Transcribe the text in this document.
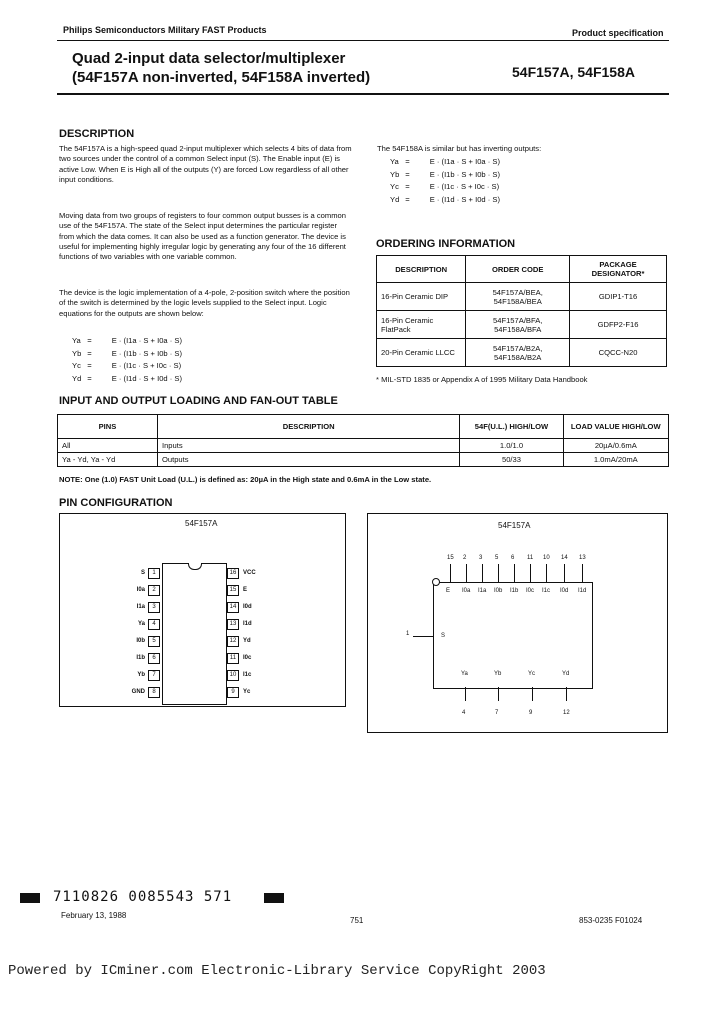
Philips Semiconductors Military FAST Products	Product specification
Quad 2-input data selector/multiplexer
(54F157A non-inverted, 54F158A inverted)	54F157A, 54F158A
DESCRIPTION
The 54F157A is a high-speed quad 2-input multiplexer which selects 4 bits of data from two sources under the control of a common Select input (S). The Enable input (E) is active Low. When E is High all of the outputs (Y) are forced Low regardless of all other input conditions.
Moving data from two groups of registers to four common output busses is a common use of the 54F157A. The state of the Select input determines the particular register from which the data comes. It can also be used as a function generator. The device is useful for implementing highly irregular logic by generating any four of the 16 different functions of two variables with one variable common.
The device is the logic implementation of a 4-pole, 2-position switch where the position of the switch is determined by the logic levels supplied to the Select input. Logic equations for the outputs are shown below:
Ya	=	E · (I1a · S + I0a · S)
Yb	=	E · (I1b · S + I0b · S)
Yc	=	E · (I1c · S + I0c · S)
Yd	=	E · (I1d · S + I0d · S)
The 54F158A is similar but has inverting outputs:
Ya	=	E · (I1a · S + I0a · S)
Yb	=	E · (I1b · S + I0b · S)
Yc	=	E · (I1c · S + I0c · S)
Yd	=	E · (I1d · S + I0d · S)
ORDERING INFORMATION
DESCRIPTION	ORDER CODE	PACKAGE DESIGNATOR*
16-Pin Ceramic DIP	54F157A/BEA, 54F158A/BEA	GDIP1-T16
16-Pin Ceramic FlatPack	54F157A/BFA, 54F158A/BFA	GDFP2-F16
20-Pin Ceramic LLCC	54F157A/B2A, 54F158A/B2A	CQCC-N20
* MIL-STD 1835 or Appendix A of 1995 Military Data Handbook
INPUT AND OUTPUT LOADING AND FAN-OUT TABLE
PINS	DESCRIPTION	54F(U.L.) HIGH/LOW	LOAD VALUE HIGH/LOW
All	Inputs	1.0/1.0	20µA/0.6mA
Ya - Yd, Ya - Yd	Outputs	50/33	1.0mA/20mA
NOTE: One (1.0) FAST Unit Load (U.L.) is defined as: 20µA in the High state and 0.6mA in the Low state.
PIN CONFIGURATION
54F157A
1
S
2
I0a
3
I1a
4
Ya
5
I0b
6
I1b
7
Yb
8
GND
16	VCC
15	E
14	I0d
13	I1d
12	Yd
11	I0c
10	I1c
9	Yc
54F157A
15
E
2
I0a
3
I1a
5
I0b
6
I1b
11
I0c
10
I1c
14
I0d
13
I1d
1	S
Ya
4
Yb
7
Yc
9
Yd
12
7110826 0085543 571
February 13, 1988
751	853-0235 F01024
Powered by ICminer.com Electronic-Library Service CopyRight 2003
